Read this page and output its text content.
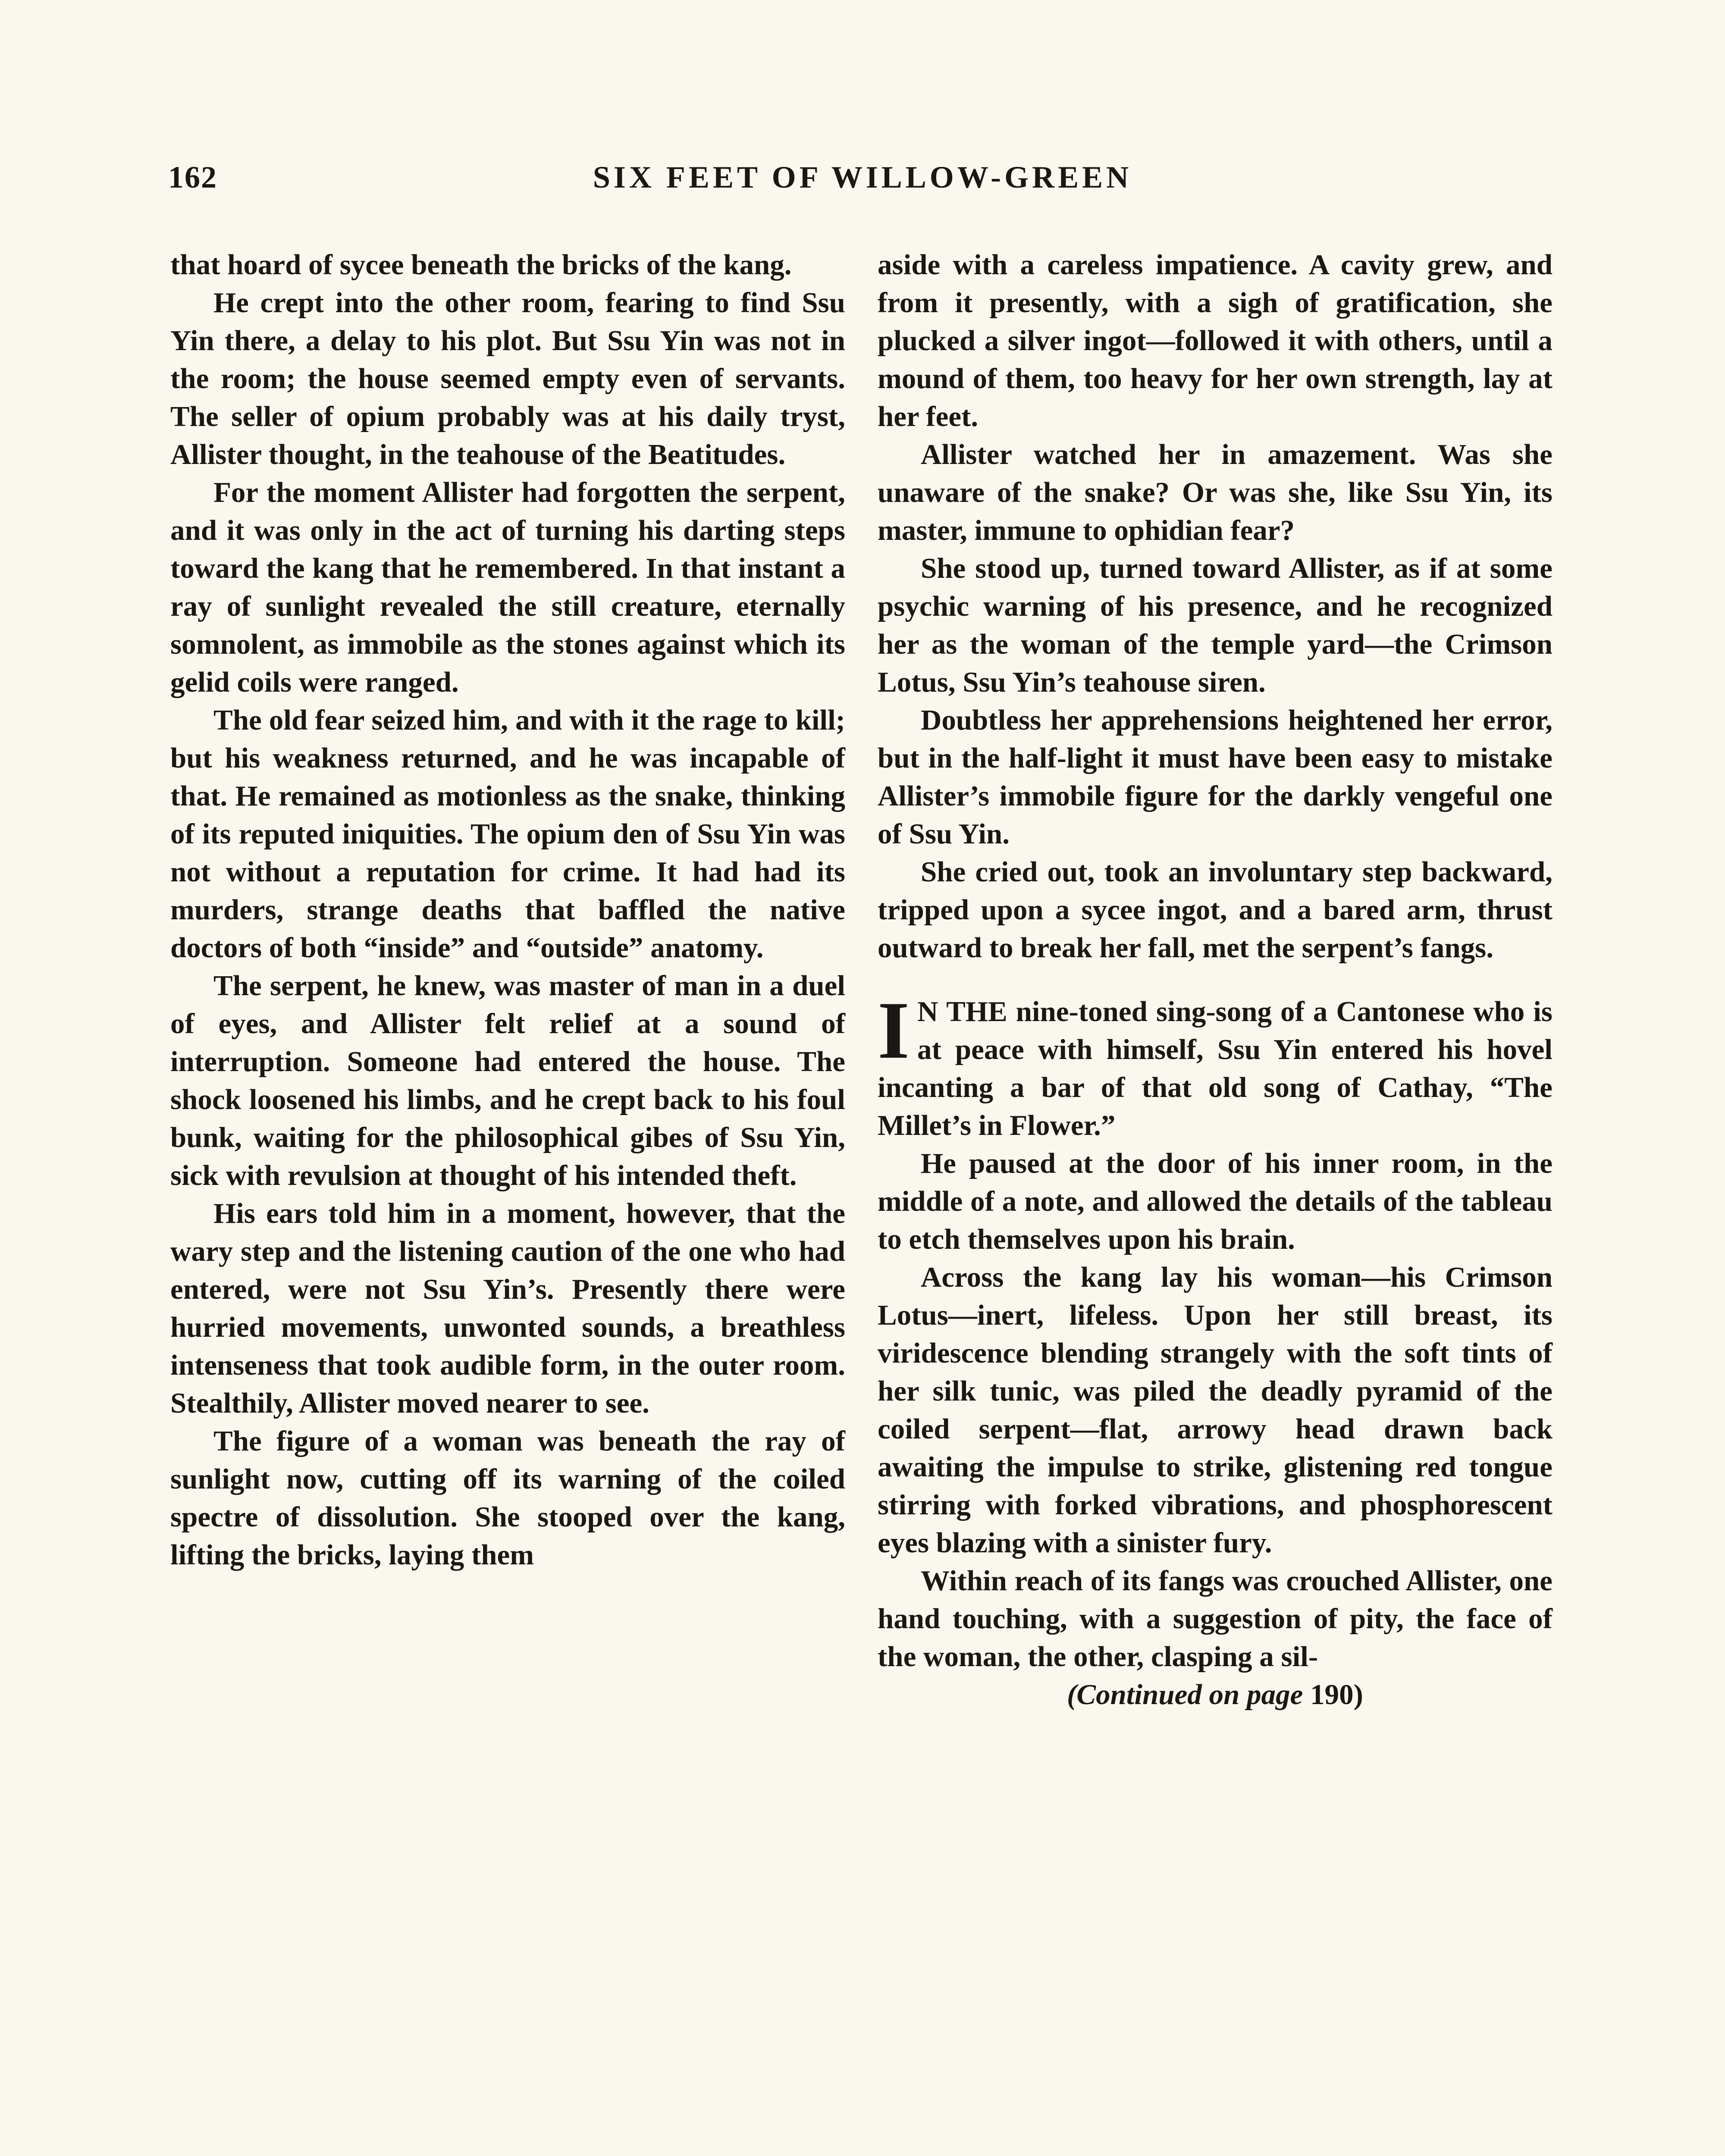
162	SIX FEET OF WILLOW-GREEN

that hoard of sycee beneath the bricks of the kang.

He crept into the other room, fearing to find Ssu Yin there, a delay to his plot. But Ssu Yin was not in the room; the house seemed empty even of servants. The seller of opium probably was at his daily tryst, Allister thought, in the teahouse of the Beatitudes.

For the moment Allister had forgotten the serpent, and it was only in the act of turning his darting steps toward the kang that he remembered. In that instant a ray of sunlight revealed the still creature, eternally somnolent, as immobile as the stones against which its gelid coils were ranged.

The old fear seized him, and with it the rage to kill; but his weakness returned, and he was incapable of that. He remained as motionless as the snake, thinking of its reputed iniquities. The opium den of Ssu Yin was not without a reputation for crime. It had had its murders, strange deaths that baffled the native doctors of both “inside” and “outside” anatomy.

The serpent, he knew, was master of man in a duel of eyes, and Allister felt relief at a sound of interruption. Someone had entered the house. The shock loosened his limbs, and he crept back to his foul bunk, waiting for the philosophical gibes of Ssu Yin, sick with revulsion at thought of his intended theft.

His ears told him in a moment, however, that the wary step and the listening caution of the one who had entered, were not Ssu Yin’s. Presently there were hurried movements, unwonted sounds, a breathless intenseness that took audible form, in the outer room. Stealthily, Allister moved nearer to see.

The figure of a woman was beneath the ray of sunlight now, cutting off its warning of the coiled spectre of dissolution. She stooped over the kang, lifting the bricks, laying them

aside with a careless impatience. A cavity grew, and from it presently, with a sigh of gratification, she plucked a silver ingot—followed it with others, until a mound of them, too heavy for her own strength, lay at her feet.

Allister watched her in amazement. Was she unaware of the snake? Or was she, like Ssu Yin, its master, immune to ophidian fear?

She stood up, turned toward Allister, as if at some psychic warning of his presence, and he recognized her as the woman of the temple yard—the Crimson Lotus, Ssu Yin’s teahouse siren.

Doubtless her apprehensions heightened her error, but in the half-light it must have been easy to mistake Allister’s immobile figure for the darkly vengeful one of Ssu Yin.

She cried out, took an involuntary step backward, tripped upon a sycee ingot, and a bared arm, thrust outward to break her fall, met the serpent’s fangs.

I N THE nine-toned sing-song of a Cantonese who is at peace with himself, Ssu Yin entered his hovel incanting a bar of that old song of Cathay, “The Millet’s in Flower.”

He paused at the door of his inner room, in the middle of a note, and allowed the details of the tableau to etch themselves upon his brain.

Across the kang lay his woman—his Crimson Lotus—inert, lifeless. Upon her still breast, its viridescence blending strangely with the soft tints of her silk tunic, was piled the deadly pyramid of the coiled serpent—flat, arrowy head drawn back awaiting the impulse to strike, glistening red tongue stirring with forked vibrations, and phosphorescent eyes blazing with a sinister fury.

Within reach of its fangs was crouched Allister, one hand touching, with a suggestion of pity, the face of the woman, the other, clasping a sil-

(Continued on page 190)
